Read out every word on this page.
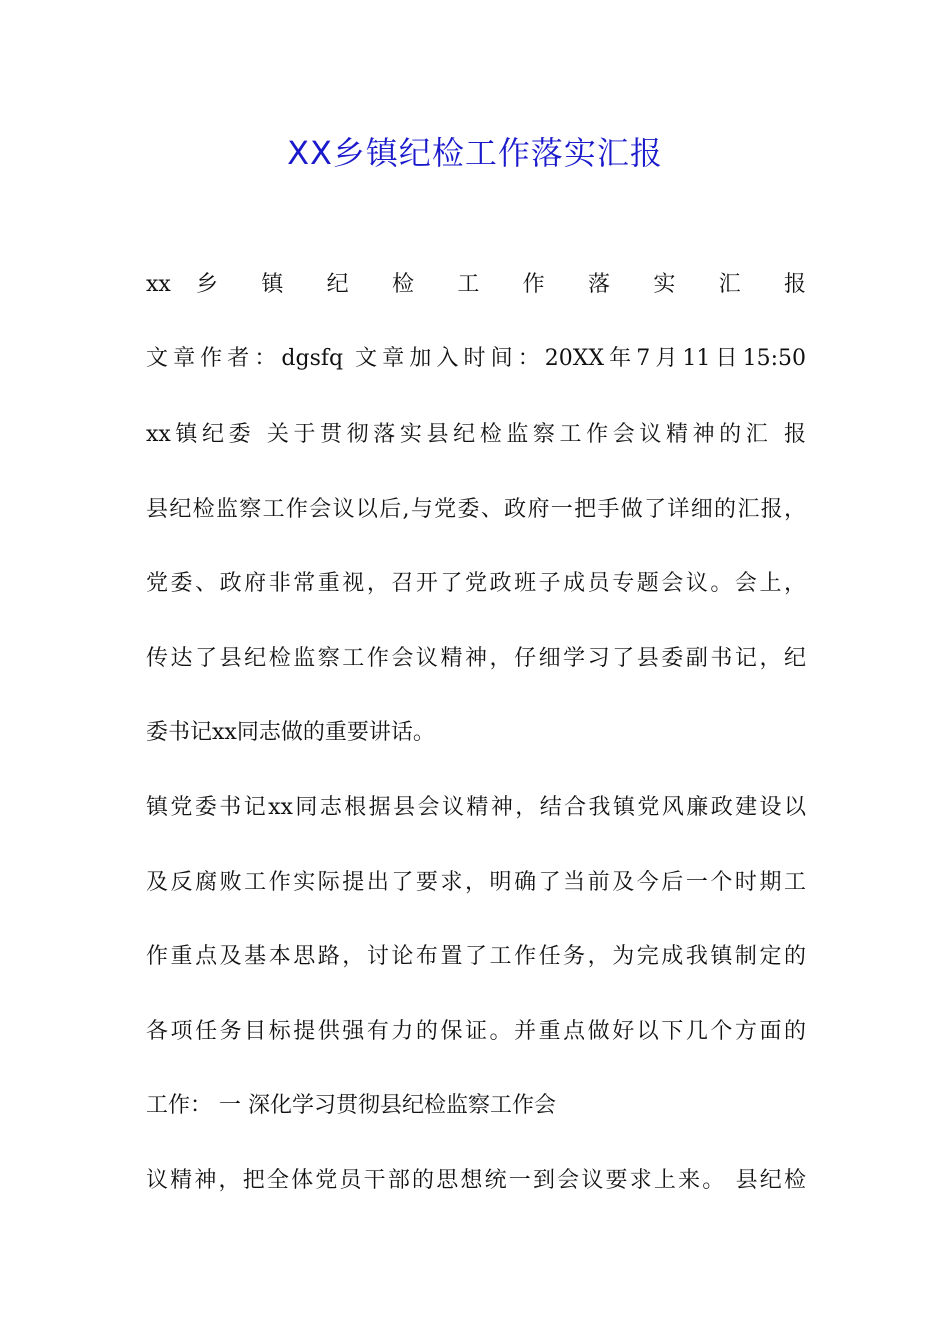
XX乡镇纪检工作落实汇报
xx 乡 镇 纪 检 工 作 落 实 汇 报
文章作者：dgsfq 文章加入时间：20XX年7月11日15:50
xx镇纪委 关于贯彻落实县纪检监察工作会议精神的汇 报
县纪检监察工作会议以后,与党委、政府一把手做了详细的汇报，
党委、政府非常重视，召开了党政班子成员专题会议。会上，
传达了县纪检监察工作会议精神，仔细学习了县委副书记，纪
委书记xx同志做的重要讲话。
镇党委书记xx同志根据县会议精神，结合我镇党风廉政建设以
及反腐败工作实际提出了要求，明确了当前及今后一个时期工
作重点及基本思路，讨论布置了工作任务，为完成我镇制定的
各项任务目标提供强有力的保证。并重点做好以下几个方面的
工作： 一 深化学习贯彻县纪检监察工作会
议精神，把全体党员干部的思想统一到会议要求上来。 县纪检
